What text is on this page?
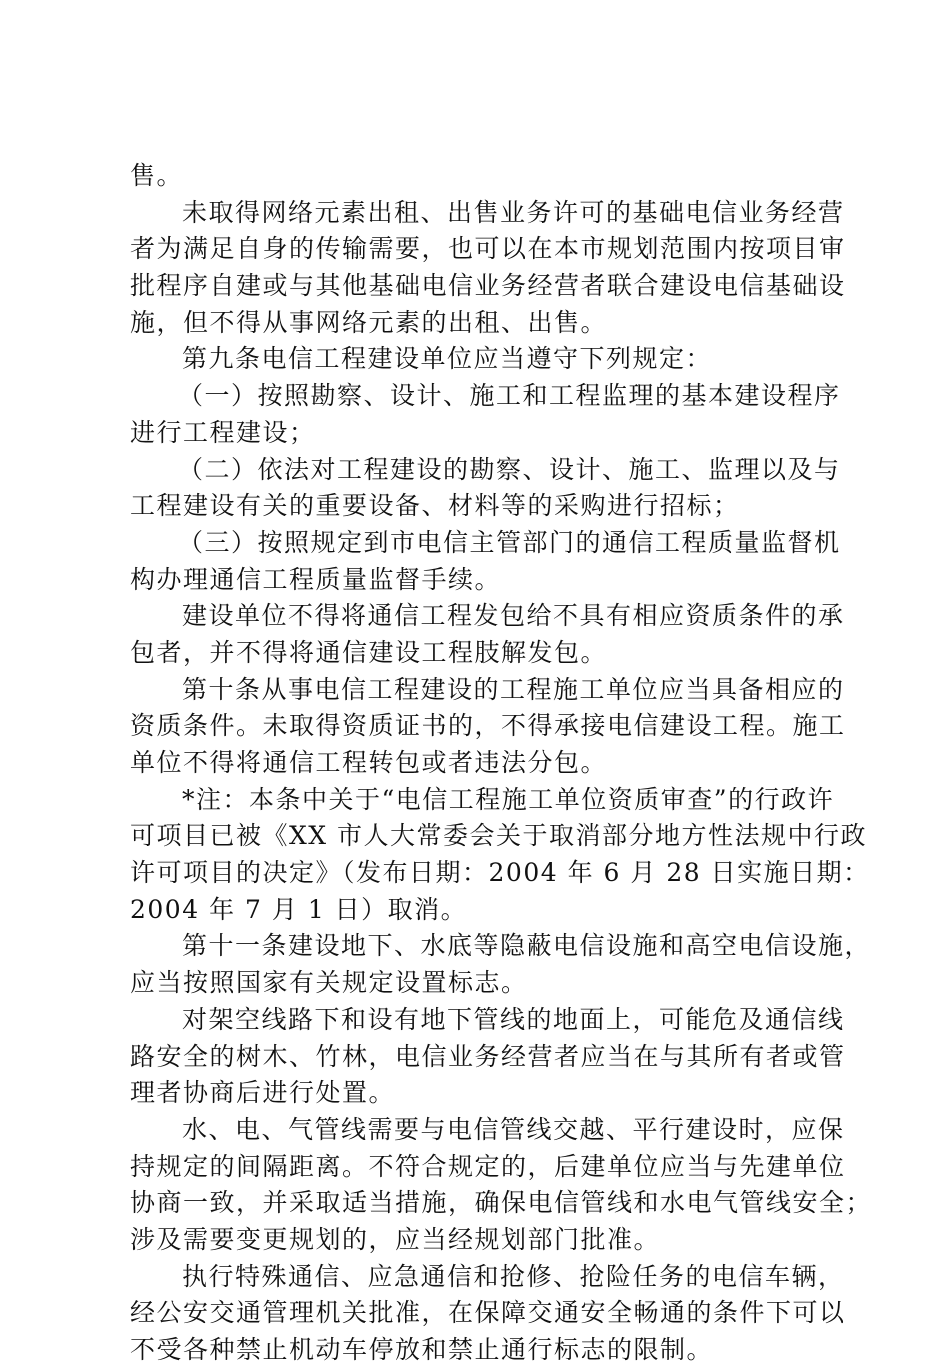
售。
未取得网络元素出租、出售业务许可的基础电信业务经营
者为满足自身的传输需要，也可以在本市规划范围内按项目审
批程序自建或与其他基础电信业务经营者联合建设电信基础设
施，但不得从事网络元素的出租、出售。
第九条电信工程建设单位应当遵守下列规定：
（一）按照勘察、设计、施工和工程监理的基本建设程序
进行工程建设；
（二）依法对工程建设的勘察、设计、施工、监理以及与
工程建设有关的重要设备、材料等的采购进行招标；
（三）按照规定到市电信主管部门的通信工程质量监督机
构办理通信工程质量监督手续。
建设单位不得将通信工程发包给不具有相应资质条件的承
包者，并不得将通信建设工程肢解发包。
第十条从事电信工程建设的工程施工单位应当具备相应的
资质条件。未取得资质证书的，不得承接电信建设工程。施工
单位不得将通信工程转包或者违法分包。
*注：本条中关于“电信工程施工单位资质审查”的行政许
可项目已被《XX 市人大常委会关于取消部分地方性法规中行政
许可项目的决定》（发布日期：2004 年 6 月 28 日实施日期：
2004 年 7 月 1 日）取消。
第十一条建设地下、水底等隐蔽电信设施和高空电信设施，
应当按照国家有关规定设置标志。
对架空线路下和设有地下管线的地面上，可能危及通信线
路安全的树木、竹林，电信业务经营者应当在与其所有者或管
理者协商后进行处置。
水、电、气管线需要与电信管线交越、平行建设时，应保
持规定的间隔距离。不符合规定的，后建单位应当与先建单位
协商一致，并采取适当措施，确保电信管线和水电气管线安全；
涉及需要变更规划的，应当经规划部门批准。
执行特殊通信、应急通信和抢修、抢险任务的电信车辆，
经公安交通管理机关批准，在保障交通安全畅通的条件下可以
不受各种禁止机动车停放和禁止通行标志的限制。
